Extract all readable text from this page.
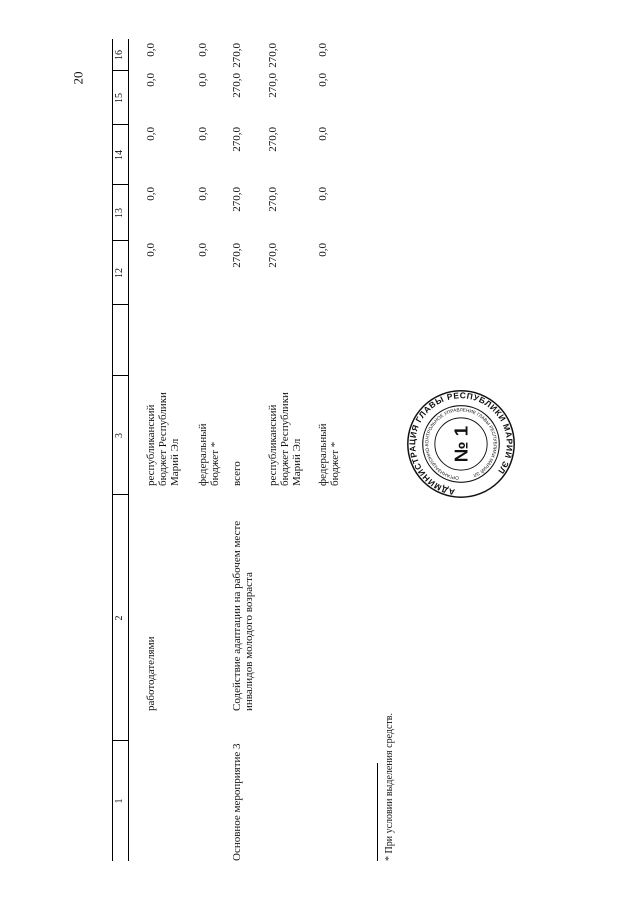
20
1
2
3
12
13
14
15
16
работодателями
республиканский
бюджет Республики
Марий Эл
0,0
0,0
0,0
0,0
0,0
федеральный
бюджет *
0,0
0,0
0,0
0,0
0,0
Основное мероприятие 3
Содействие адаптации на рабочем месте
инвалидов молодого возраста
всего
270,0
270,0
270,0
270,0
270,0
республиканский
бюджет Республики
Марий Эл
270,0
270,0
270,0
270,0
270,0
федеральный
бюджет *
0,0
0,0
0,0
0,0
0,0
* При условии выделения средств.
АДМИНИСТРАЦИЯ ГЛАВЫ РЕСПУБЛИКИ МАРИЙ ЭЛ
ОРГАНИЗАЦИОННО-КОНТРОЛЬНОЕ УПРАВЛЕНИЕ ГЛАВЫ РЕСПУБЛИКИ МАРИЙ ЭЛ
№ 1
